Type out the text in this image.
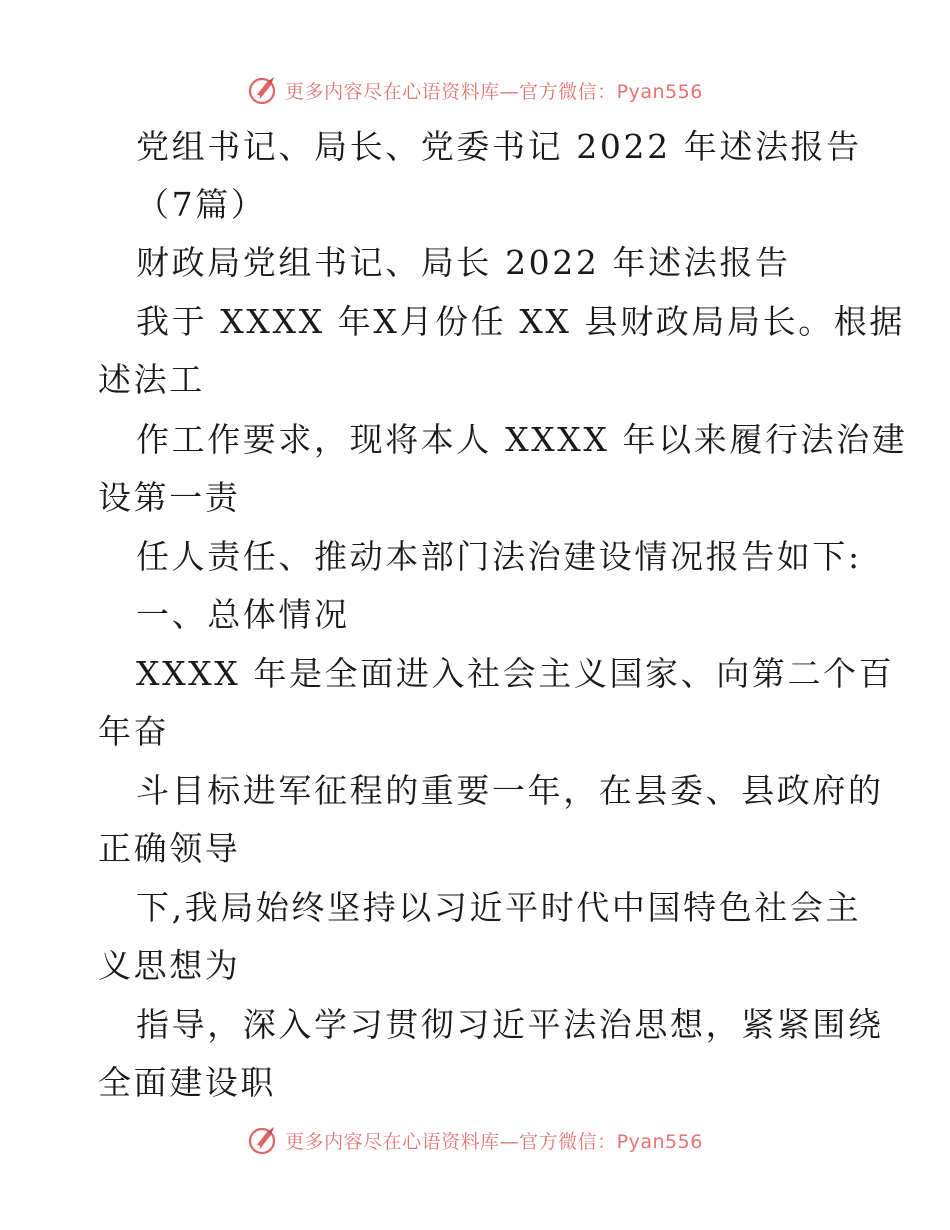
更多内容尽在心语资料库—官方微信：Pyan556
党组书记、局长、党委书记 2022 年述法报告
（7篇）
财政局党组书记、局长 2022 年述法报告
我于 XXXX 年X月份任 XX 县财政局局长。根据
述法工
作工作要求，现将本人 XXXX 年以来履行法治建
设第一责
任人责任、推动本部门法治建设情况报告如下:
一、总体情况
XXXX 年是全面进入社会主义国家、向第二个百
年奋
斗目标进军征程的重要一年，在县委、县政府的
正确领导
下,我局始终坚持以习近平时代中国特色社会主
义思想为
指导，深入学习贯彻习近平法治思想，紧紧围绕
全面建设职
更多内容尽在心语资料库—官方微信：Pyan556
